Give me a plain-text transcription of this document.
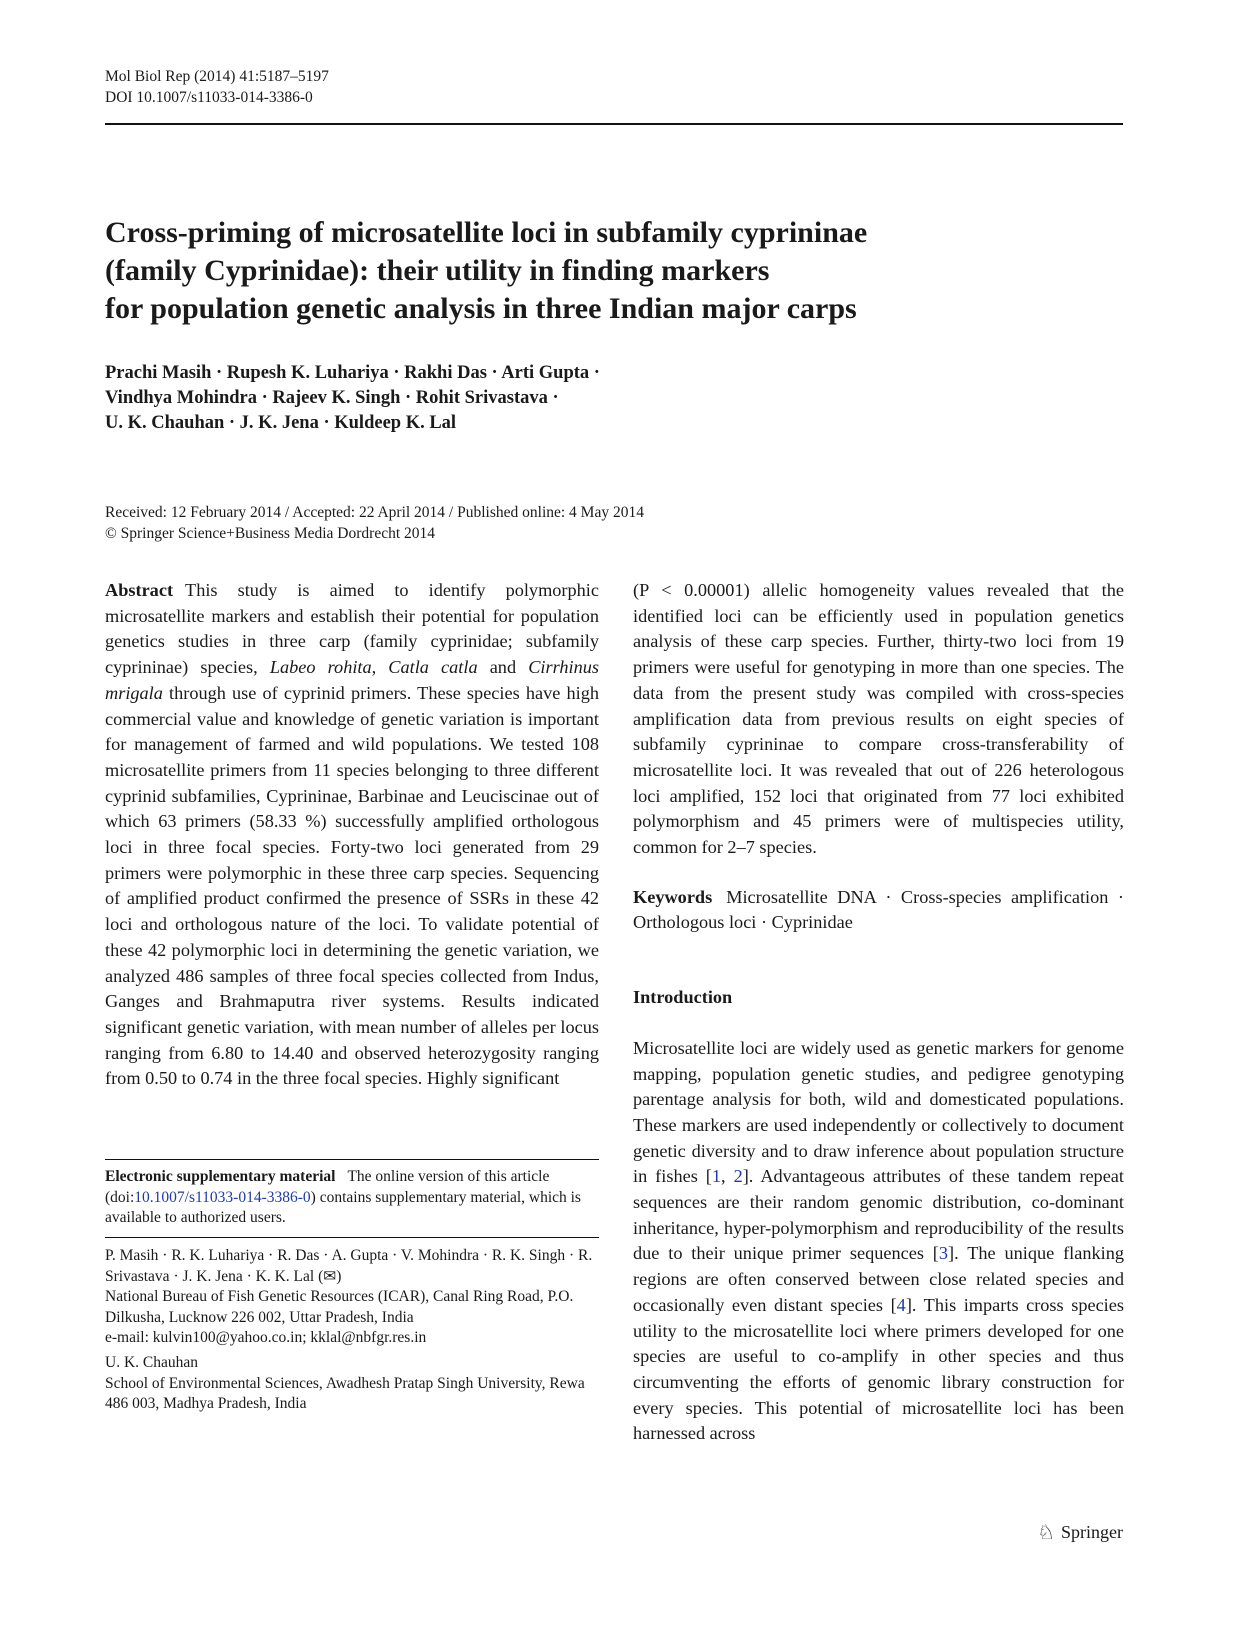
Mol Biol Rep (2014) 41:5187–5197
DOI 10.1007/s11033-014-3386-0
Cross-priming of microsatellite loci in subfamily cyprininae
(family Cyprinidae): their utility in finding markers
for population genetic analysis in three Indian major carps
Prachi Masih · Rupesh K. Luhariya · Rakhi Das · Arti Gupta ·
Vindhya Mohindra · Rajeev K. Singh · Rohit Srivastava ·
U. K. Chauhan · J. K. Jena · Kuldeep K. Lal
Received: 12 February 2014 / Accepted: 22 April 2014 / Published online: 4 May 2014
© Springer Science+Business Media Dordrecht 2014

Abstract This study is aimed to identify polymorphic microsatellite markers and establish their potential for population genetics studies in three carp (family cyprinidae; subfamily cyprininae) species, Labeo rohita, Catla catla and Cirrhinus mrigala through use of cyprinid primers. These species have high commercial value and knowledge of genetic variation is important for management of farmed and wild populations. We tested 108 microsatellite primers from 11 species belonging to three different cyprinid subfamilies, Cyprininae, Barbinae and Leuciscinae out of which 63 primers (58.33 %) successfully amplified orthologous loci in three focal species. Forty-two loci generated from 29 primers were polymorphic in these three carp species. Sequencing of amplified product confirmed the presence of SSRs in these 42 loci and orthologous nature of the loci. To validate potential of these 42 polymorphic loci in determining the genetic variation, we analyzed 486 samples of three focal species collected from Indus, Ganges and Brahmaputra river systems. Results indicated significant genetic variation, with mean number of alleles per locus ranging from 6.80 to 14.40 and observed heterozygosity ranging from 0.50 to 0.74 in the three focal species. Highly significant

Electronic supplementary material The online version of this article (doi:10.1007/s11033-014-3386-0) contains supplementary material, which is available to authorized users.
P. Masih · R. K. Luhariya · R. Das · A. Gupta · V. Mohindra · R. K. Singh · R. Srivastava · J. K. Jena · K. K. Lal (✉)
National Bureau of Fish Genetic Resources (ICAR), Canal Ring Road, P.O. Dilkusha, Lucknow 226 002, Uttar Pradesh, India
e-mail: kulvin100@yahoo.co.in; kklal@nbfgr.res.in
U. K. Chauhan
School of Environmental Sciences, Awadhesh Pratap Singh University, Rewa 486 003, Madhya Pradesh, India

(P < 0.00001) allelic homogeneity values revealed that the identified loci can be efficiently used in population genetics analysis of these carp species. Further, thirty-two loci from 19 primers were useful for genotyping in more than one species. The data from the present study was compiled with cross-species amplification data from previous results on eight species of subfamily cyprininae to compare cross-transferability of microsatellite loci. It was revealed that out of 226 heterologous loci amplified, 152 loci that originated from 77 loci exhibited polymorphism and 45 primers were of multispecies utility, common for 2–7 species.

Keywords Microsatellite DNA · Cross-species amplification · Orthologous loci · Cyprinidae

Introduction

Microsatellite loci are widely used as genetic markers for genome mapping, population genetic studies, and pedigree genotyping parentage analysis for both, wild and domesticated populations. These markers are used independently or collectively to document genetic diversity and to draw inference about population structure in fishes [1, 2]. Advantageous attributes of these tandem repeat sequences are their random genomic distribution, co-dominant inheritance, hyper-polymorphism and reproducibility of the results due to their unique primer sequences [3]. The unique flanking regions are often conserved between close related species and occasionally even distant species [4]. This imparts cross species utility to the microsatellite loci where primers developed for one species are useful to co-amplify in other species and thus circumventing the efforts of genomic library construction for every species. This potential of microsatellite loci has been harnessed across

♘ Springer
